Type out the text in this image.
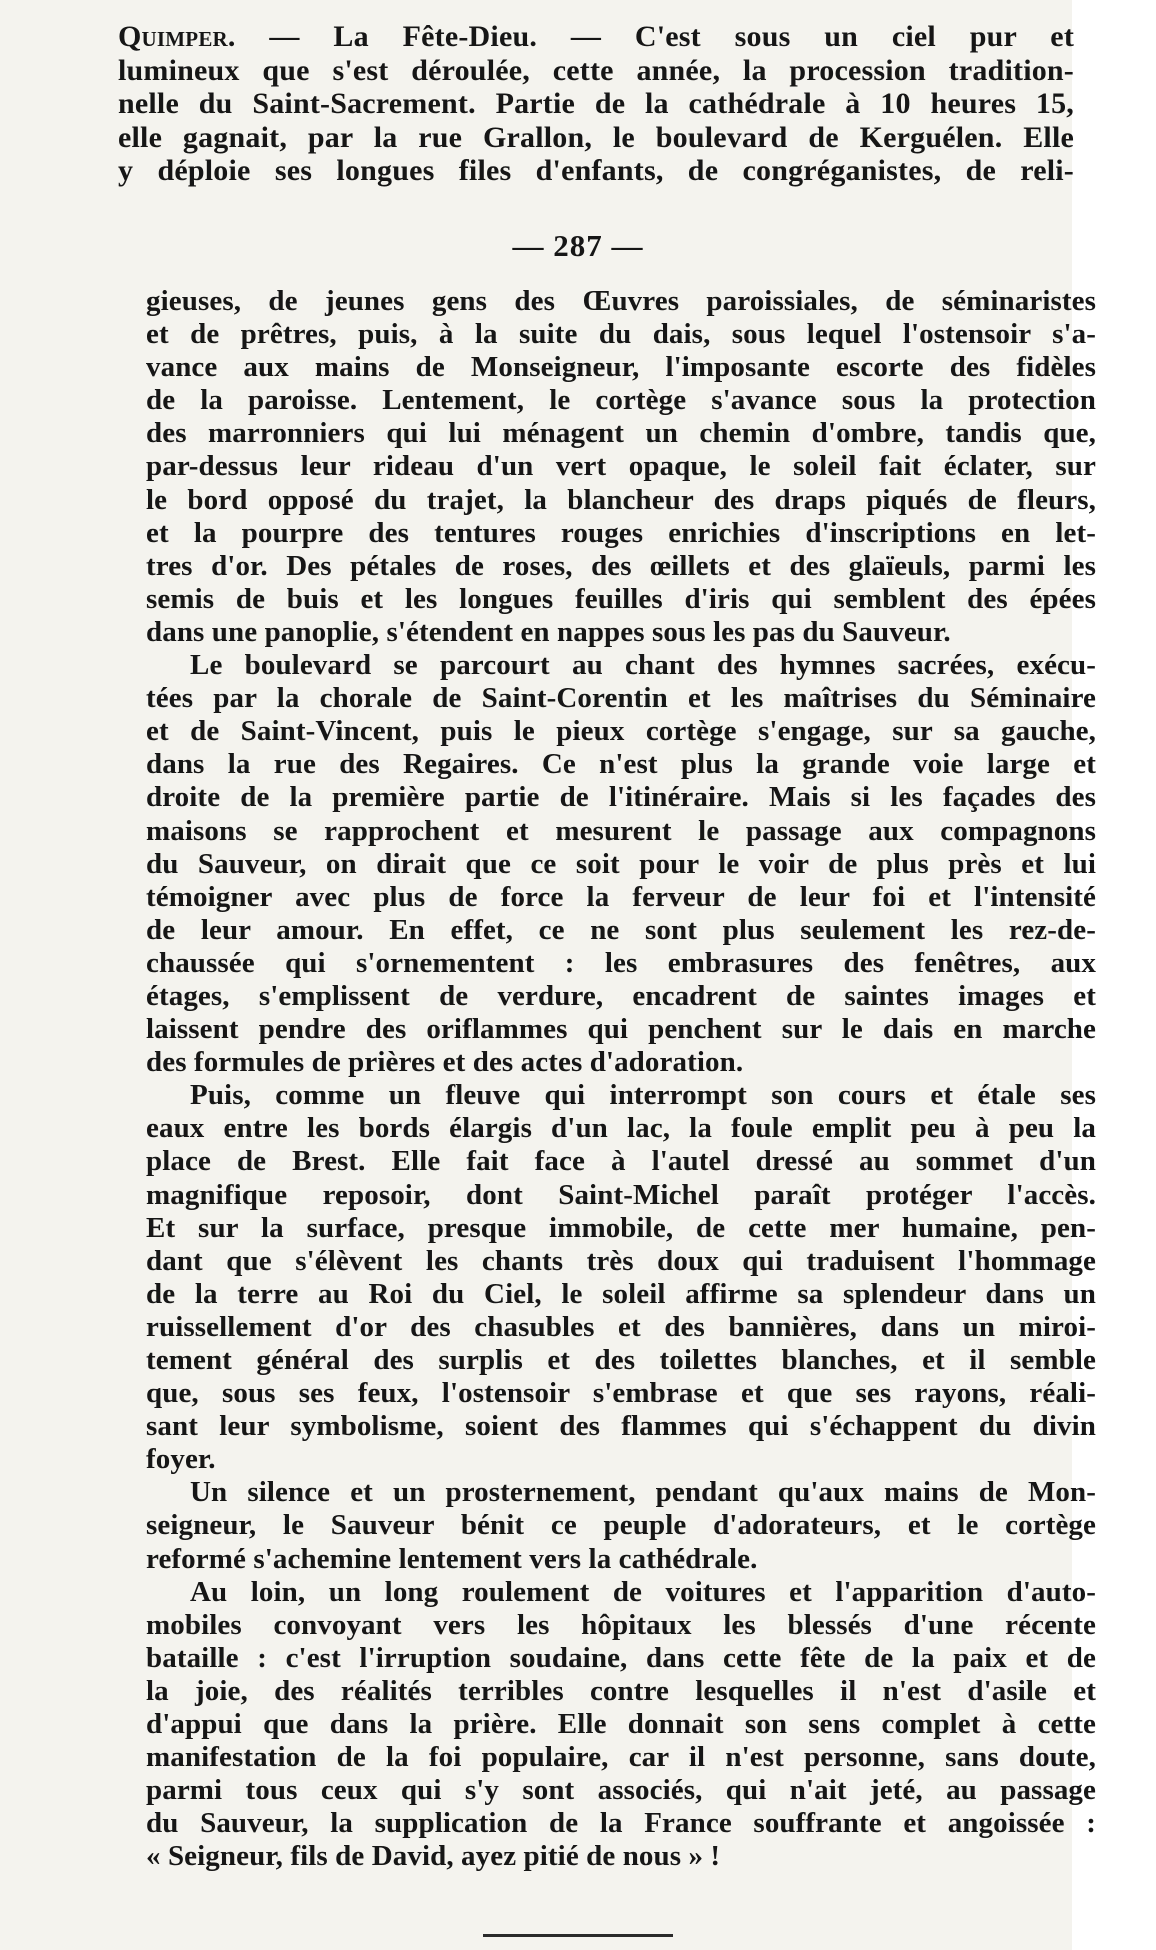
Quimper. — La Fête-Dieu. — C'est sous un ciel pur et
lumineux que s'est déroulée, cette année, la procession tradition-
nelle du Saint-Sacrement. Partie de la cathédrale à 10 heures 15,
elle gagnait, par la rue Grallon, le boulevard de Kerguélen. Elle
y déploie ses longues files d'enfants, de congréganistes, de reli-
— 287 —
gieuses, de jeunes gens des Œuvres paroissiales, de séminaristes
et de prêtres, puis, à la suite du dais, sous lequel l'ostensoir s'a-
vance aux mains de Monseigneur, l'imposante escorte des fidèles
de la paroisse. Lentement, le cortège s'avance sous la protection
des marronniers qui lui ménagent un chemin d'ombre, tandis que,
par-dessus leur rideau d'un vert opaque, le soleil fait éclater, sur
le bord opposé du trajet, la blancheur des draps piqués de fleurs,
et la pourpre des tentures rouges enrichies d'inscriptions en let-
tres d'or. Des pétales de roses, des œillets et des glaïeuls, parmi les
semis de buis et les longues feuilles d'iris qui semblent des épées
dans une panoplie, s'étendent en nappes sous les pas du Sauveur.
Le boulevard se parcourt au chant des hymnes sacrées, exécu-
tées par la chorale de Saint-Corentin et les maîtrises du Séminaire
et de Saint-Vincent, puis le pieux cortège s'engage, sur sa gauche,
dans la rue des Regaires. Ce n'est plus la grande voie large et
droite de la première partie de l'itinéraire. Mais si les façades des
maisons se rapprochent et mesurent le passage aux compagnons
du Sauveur, on dirait que ce soit pour le voir de plus près et lui
témoigner avec plus de force la ferveur de leur foi et l'intensité
de leur amour. En effet, ce ne sont plus seulement les rez-de-
chaussée qui s'ornementent : les embrasures des fenêtres, aux
étages, s'emplissent de verdure, encadrent de saintes images et
laissent pendre des oriflammes qui penchent sur le dais en marche
des formules de prières et des actes d'adoration.
Puis, comme un fleuve qui interrompt son cours et étale ses
eaux entre les bords élargis d'un lac, la foule emplit peu à peu la
place de Brest. Elle fait face à l'autel dressé au sommet d'un
magnifique reposoir, dont Saint-Michel paraît protéger l'accès.
Et sur la surface, presque immobile, de cette mer humaine, pen-
dant que s'élèvent les chants très doux qui traduisent l'hommage
de la terre au Roi du Ciel, le soleil affirme sa splendeur dans un
ruissellement d'or des chasubles et des bannières, dans un miroi-
tement général des surplis et des toilettes blanches, et il semble
que, sous ses feux, l'ostensoir s'embrase et que ses rayons, réali-
sant leur symbolisme, soient des flammes qui s'échappent du divin
foyer.
Un silence et un prosternement, pendant qu'aux mains de Mon-
seigneur, le Sauveur bénit ce peuple d'adorateurs, et le cortège
reformé s'achemine lentement vers la cathédrale.
Au loin, un long roulement de voitures et l'apparition d'auto-
mobiles convoyant vers les hôpitaux les blessés d'une récente
bataille : c'est l'irruption soudaine, dans cette fête de la paix et de
la joie, des réalités terribles contre lesquelles il n'est d'asile et
d'appui que dans la prière. Elle donnait son sens complet à cette
manifestation de la foi populaire, car il n'est personne, sans doute,
parmi tous ceux qui s'y sont associés, qui n'ait jeté, au passage
du Sauveur, la supplication de la France souffrante et angoissée :
« Seigneur, fils de David, ayez pitié de nous » !
